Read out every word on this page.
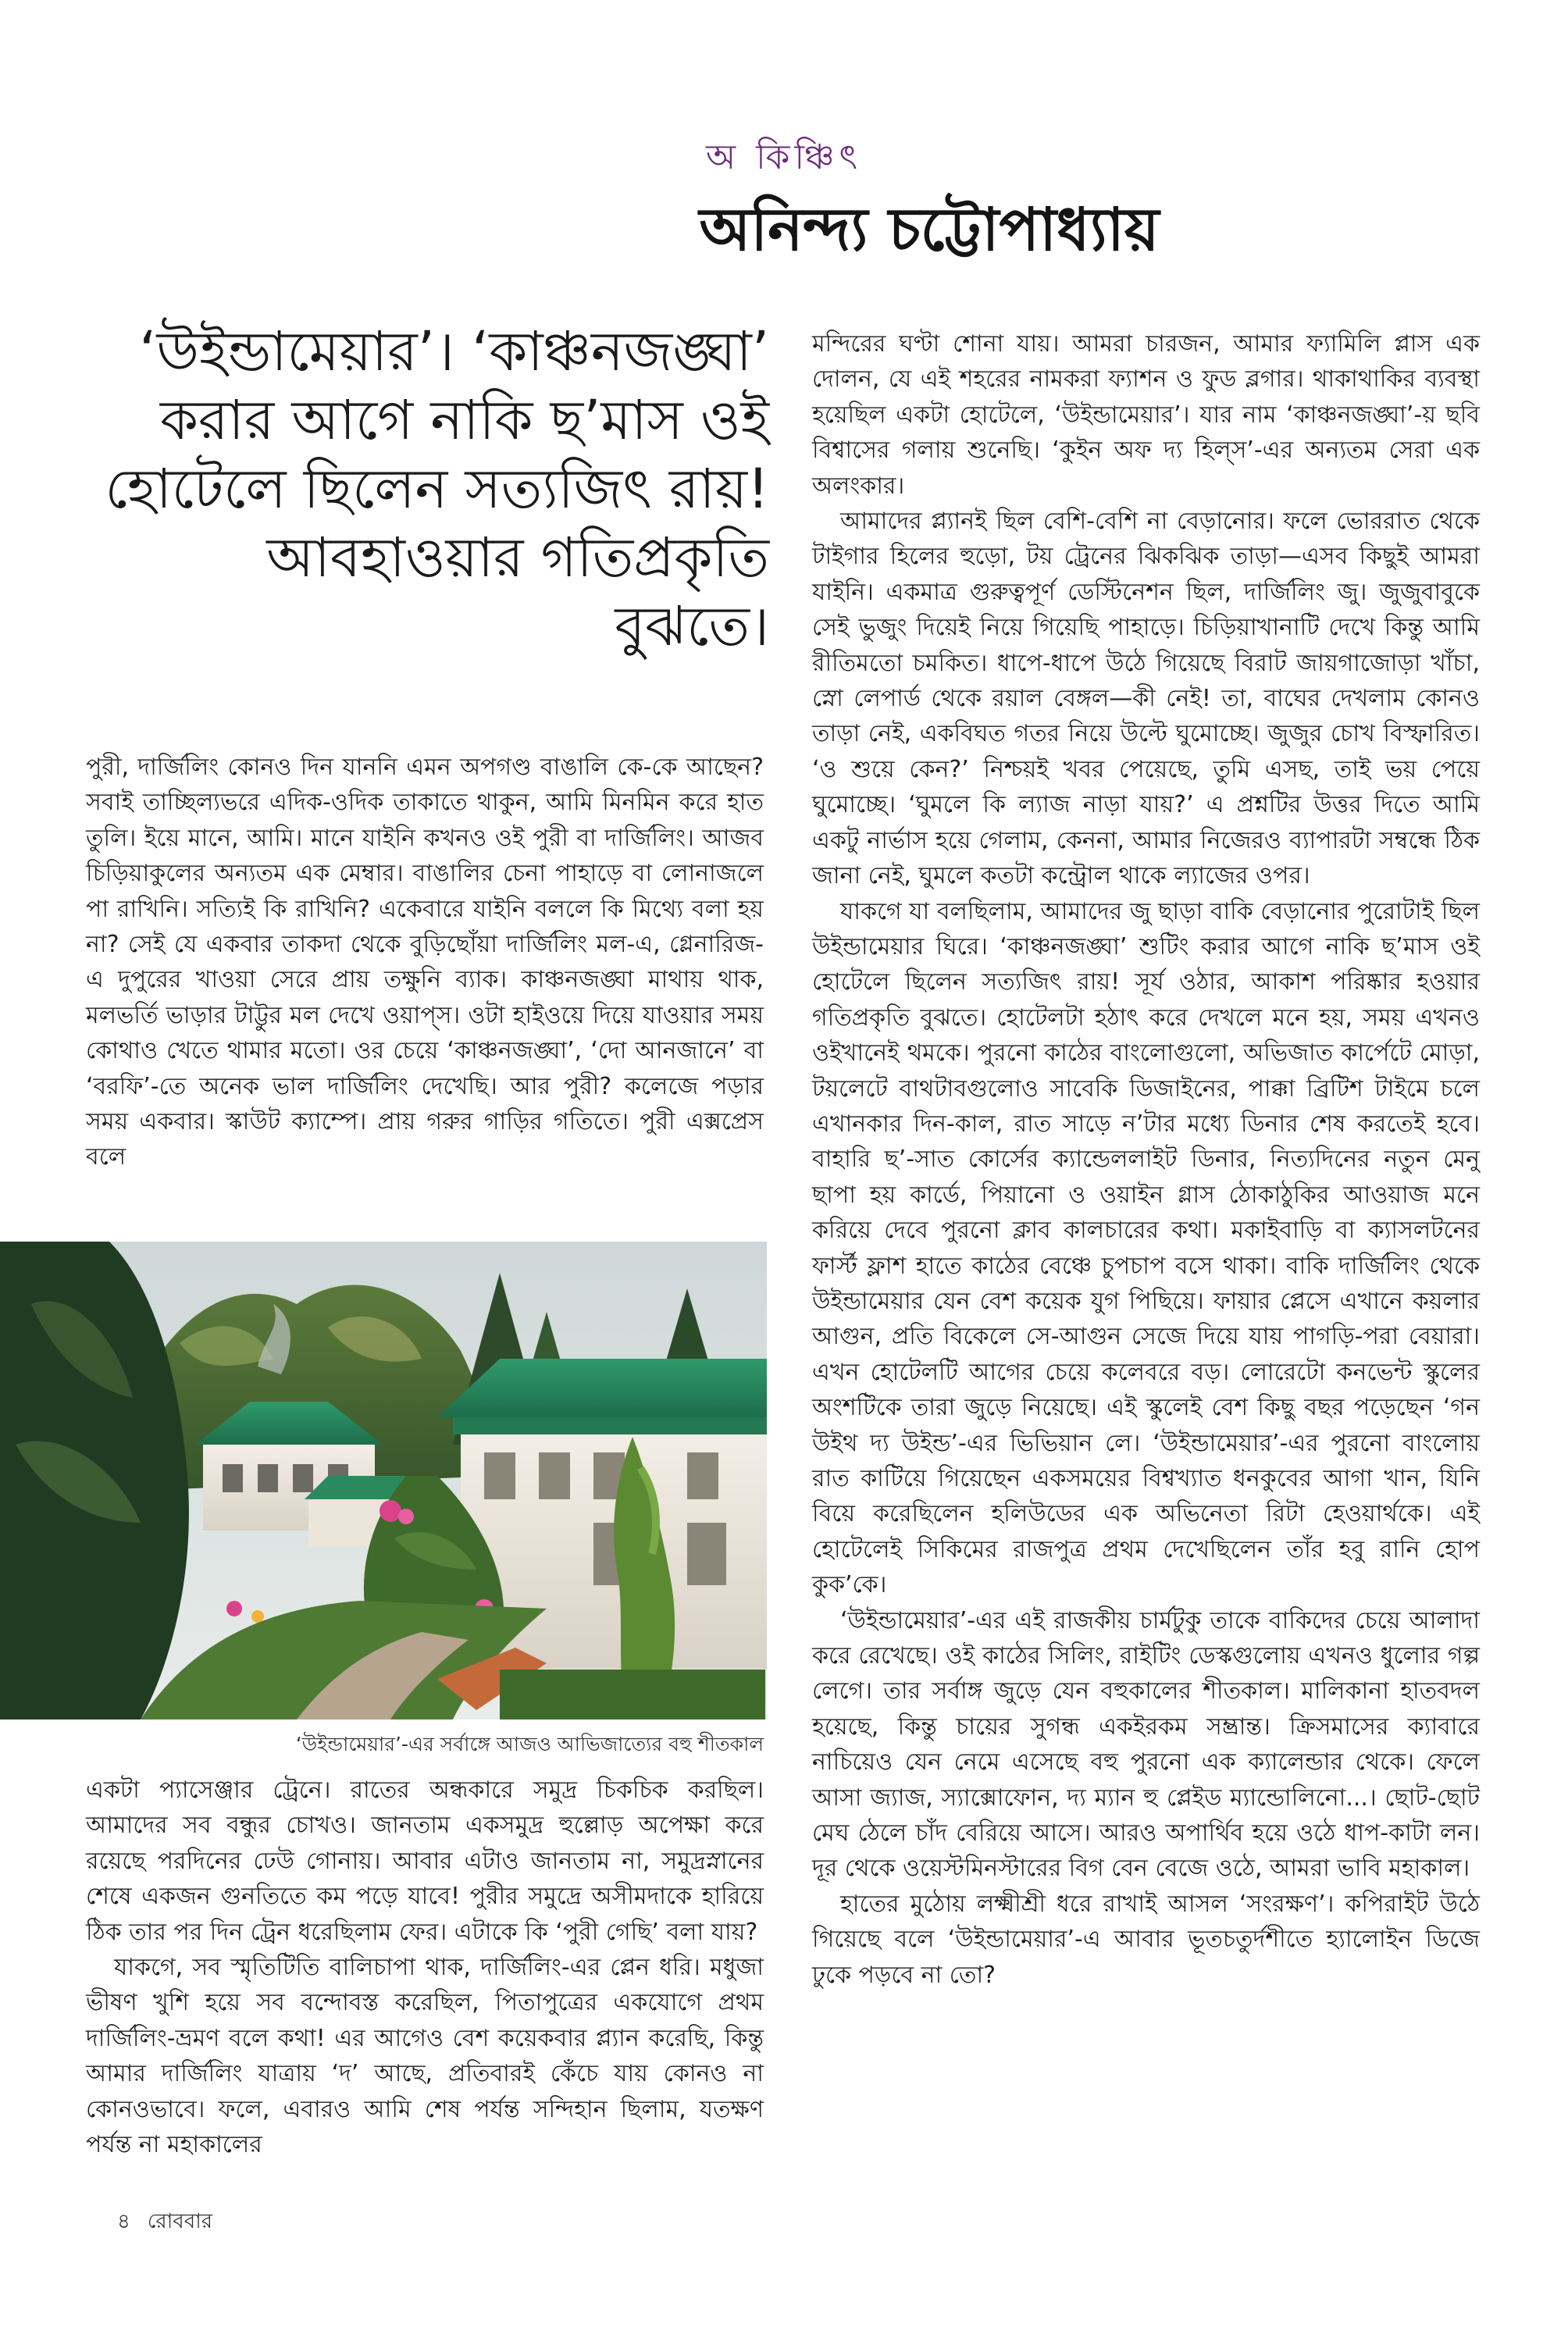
অ কিঞ্চিৎ
অনিন্দ্য চট্টোপাধ্যায়
‘উইন্ডামেয়ার’। ‘কাঞ্চনজঙ্ঘা’ করার আগে নাকি ছ’মাস ওই হোটেলে ছিলেন সত্যজিৎ রায়! আবহাওয়ার গতিপ্রকৃতি বুঝতে।

পুরী, দার্জিলিং কোনও দিন যাননি এমন অপগণ্ড বাঙালি কে-কে আছেন? সবাই তাচ্ছিল্যভরে এদিক-ওদিক তাকাতে থাকুন, আমি মিনমিন করে হাত তুলি। ইয়ে মানে, আমি। মানে যাইনি কখনও ওই পুরী বা দার্জিলিং। আজব চিড়িয়াকুলের অন্যতম এক মেম্বার। বাঙালির চেনা পাহাড়ে বা লোনাজলে পা রাখিনি। সত্যিই কি রাখিনি? একেবারে যাইনি বললে কি মিথ্যে বলা হয় না? সেই যে একবার তাকদা থেকে বুড়িছোঁয়া দার্জিলিং মল-এ, গ্লেনারিজ-এ দুপুরের খাওয়া সেরে প্রায় তক্ষুনি ব্যাক। কাঞ্চনজঙ্ঘা মাথায় থাক, মলভর্তি ভাড়ার টাট্টুর মল দেখে ওয়াপ্‌স। ওটা হাইওয়ে দিয়ে যাওয়ার সময় কোথাও খেতে থামার মতো। ওর চেয়ে ‘কাঞ্চনজঙ্ঘা’, ‘দো আনজানে’ বা ‘বরফি’-তে অনেক ভাল দার্জিলিং দেখেছি। আর পুরী? কলেজে পড়ার সময় একবার। স্কাউট ক্যাম্পে। প্রায় গরুর গাড়ির গতিতে। পুরী এক্সপ্রেস বলে

‘উইন্ডামেয়ার’-এর সর্বাঙ্গে আজও আভিজাত্যের বহু শীতকাল

একটা প্যাসেঞ্জার ট্রেনে। রাতের অন্ধকারে সমুদ্র চিকচিক করছিল। আমাদের সব বন্ধুর চোখও। জানতাম একসমুদ্র হুল্লোড় অপেক্ষা করে রয়েছে পরদিনের ঢেউ গোনায়। আবার এটাও জানতাম না, সমুদ্রস্নানের শেষে একজন গুনতিতে কম পড়ে যাবে! পুরীর সমুদ্রে অসীমদাকে হারিয়ে ঠিক তার পর দিন ট্রেন ধরেছিলাম ফের। এটাকে কি ‘পুরী গেছি’ বলা যায়?

যাকগে, সব স্মৃতিটিতি বালিচাপা থাক, দার্জিলিং-এর প্লেন ধরি। মধুজা ভীষণ খুশি হয়ে সব বন্দোবস্ত করেছিল, পিতাপুত্রের একযোগে প্রথম দার্জিলিং-ভ্রমণ বলে কথা! এর আগেও বেশ কয়েকবার প্ল্যান করেছি, কিন্তু আমার দার্জিলিং যাত্রায় ‘দ’ আছে, প্রতিবারই কেঁচে যায় কোনও না কোনওভাবে। ফলে, এবারও আমি শেষ পর্যন্ত সন্দিহান ছিলাম, যতক্ষণ পর্যন্ত না মহাকালের

মন্দিরের ঘণ্টা শোনা যায়। আমরা চারজন, আমার ফ্যামিলি প্লাস এক দোলন, যে এই শহরের নামকরা ফ্যাশন ও ফুড ব্লগার। থাকাথাকির ব্যবস্থা হয়েছিল একটা হোটেলে, ‘উইন্ডামেয়ার’। যার নাম ‘কাঞ্চনজঙ্ঘা’-য় ছবি বিশ্বাসের গলায় শুনেছি। ‘কুইন অফ দ্য হিল্‌স’-এর অন্যতম সেরা এক অলংকার।

আমাদের প্ল্যানই ছিল বেশি-বেশি না বেড়ানোর। ফলে ভোররাত থেকে টাইগার হিলের হুড়ো, টয় ট্রেনের ঝিকঝিক তাড়া—এসব কিছুই আমরা যাইনি। একমাত্র গুরুত্বপূর্ণ ডেস্টিনেশন ছিল, দার্জিলিং জু। জুজুবাবুকে সেই ভুজুং দিয়েই নিয়ে গিয়েছি পাহাড়ে। চিড়িয়াখানাটি দেখে কিন্তু আমি রীতিমতো চমকিত। ধাপে-ধাপে উঠে গিয়েছে বিরাট জায়গাজোড়া খাঁচা, স্নো লেপার্ড থেকে রয়াল বেঙ্গল—কী নেই! তা, বাঘের দেখলাম কোনও তাড়া নেই, একবিঘত গতর নিয়ে উল্টে ঘুমোচ্ছে। জুজুর চোখ বিস্ফারিত। ‘ও শুয়ে কেন?’ নিশ্চয়ই খবর পেয়েছে, তুমি এসছ, তাই ভয় পেয়ে ঘুমোচ্ছে। ‘ঘুমলে কি ল্যাজ নাড়া যায়?’ এ প্রশ্নটির উত্তর দিতে আমি একটু নার্ভাস হয়ে গেলাম, কেননা, আমার নিজেরও ব্যাপারটা সম্বন্ধে ঠিক জানা নেই, ঘুমলে কতটা কন্ট্রোল থাকে ল্যাজের ওপর।

যাকগে যা বলছিলাম, আমাদের জু ছাড়া বাকি বেড়ানোর পুরোটাই ছিল উইন্ডামেয়ার ঘিরে। ‘কাঞ্চনজঙ্ঘা’ শুটিং করার আগে নাকি ছ’মাস ওই হোটেলে ছিলেন সত্যজিৎ রায়! সূর্য ওঠার, আকাশ পরিষ্কার হওয়ার গতিপ্রকৃতি বুঝতে। হোটেলটা হঠাৎ করে দেখলে মনে হয়, সময় এখনও ওইখানেই থমকে। পুরনো কাঠের বাংলোগুলো, অভিজাত কার্পেটে মোড়া, টয়লেটে বাথটাবগুলোও সাবেকি ডিজাইনের, পাক্কা ব্রিটিশ টাইমে চলে এখানকার দিন-কাল, রাত সাড়ে ন’টার মধ্যে ডিনার শেষ করতেই হবে। বাহারি ছ’-সাত কোর্সের ক্যান্ডেললাইট ডিনার, নিত্যদিনের নতুন মেনু ছাপা হয় কার্ডে, পিয়ানো ও ওয়াইন গ্লাস ঠোকাঠুকির আওয়াজ মনে করিয়ে দেবে পুরনো ক্লাব কালচারের কথা। মকাইবাড়ি বা ক্যাসলটনের ফার্স্ট ফ্লাশ হাতে কাঠের বেঞ্চে চুপচাপ বসে থাকা। বাকি দার্জিলিং থেকে উইন্ডামেয়ার যেন বেশ কয়েক যুগ পিছিয়ে। ফায়ার প্লেসে এখানে কয়লার আগুন, প্রতি বিকেলে সে-আগুন সেজে দিয়ে যায় পাগড়ি-পরা বেয়ারা। এখন হোটেলটি আগের চেয়ে কলেবরে বড়। লোরেটো কনভেন্ট স্কুলের অংশটিকে তারা জুড়ে নিয়েছে। এই স্কুলেই বেশ কিছু বছর পড়েছেন ‘গন উইথ দ্য উইন্ড’-এর ভিভিয়ান লে। ‘উইন্ডামেয়ার’-এর পুরনো বাংলোয় রাত কাটিয়ে গিয়েছেন একসময়ের বিশ্বখ্যাত ধনকুবের আগা খান, যিনি বিয়ে করেছিলেন হলিউডের এক অভিনেতা রিটা হেওয়ার্থকে। এই হোটেলেই সিকিমের রাজপুত্র প্রথম দেখেছিলেন তাঁর হবু রানি হোপ কুক’কে।

‘উইন্ডামেয়ার’-এর এই রাজকীয় চার্মটুকু তাকে বাকিদের চেয়ে আলাদা করে রেখেছে। ওই কাঠের সিলিং, রাইটিং ডেস্কগুলোয় এখনও ধুলোর গল্প লেগে। তার সর্বাঙ্গ জুড়ে যেন বহুকালের শীতকাল। মালিকানা হাতবদল হয়েছে, কিন্তু চায়ের সুগন্ধ একইরকম সম্ভ্রান্ত। ক্রিসমাসের ক্যাবারে নাচিয়েও যেন নেমে এসেছে বহু পুরনো এক ক্যালেন্ডার থেকে। ফেলে আসা জ্যাজ, স্যাক্সোফোন, দ্য ম্যান হু প্লেইড ম্যান্ডোলিনো...। ছোট-ছোট মেঘ ঠেলে চাঁদ বেরিয়ে আসে। আরও অপার্থিব হয়ে ওঠে ধাপ-কাটা লন। দূর থেকে ওয়েস্টমিনস্টারের বিগ বেন বেজে ওঠে, আমরা ভাবি মহাকাল।

হাতের মুঠোয় লক্ষ্মীশ্রী ধরে রাখাই আসল ‘সংরক্ষণ’। কপিরাইট উঠে গিয়েছে বলে ‘উইন্ডামেয়ার’-এ আবার ভূতচতুর্দশীতে হ্যালোইন ডিজে ঢুকে পড়বে না তো?

৪ রোববার
